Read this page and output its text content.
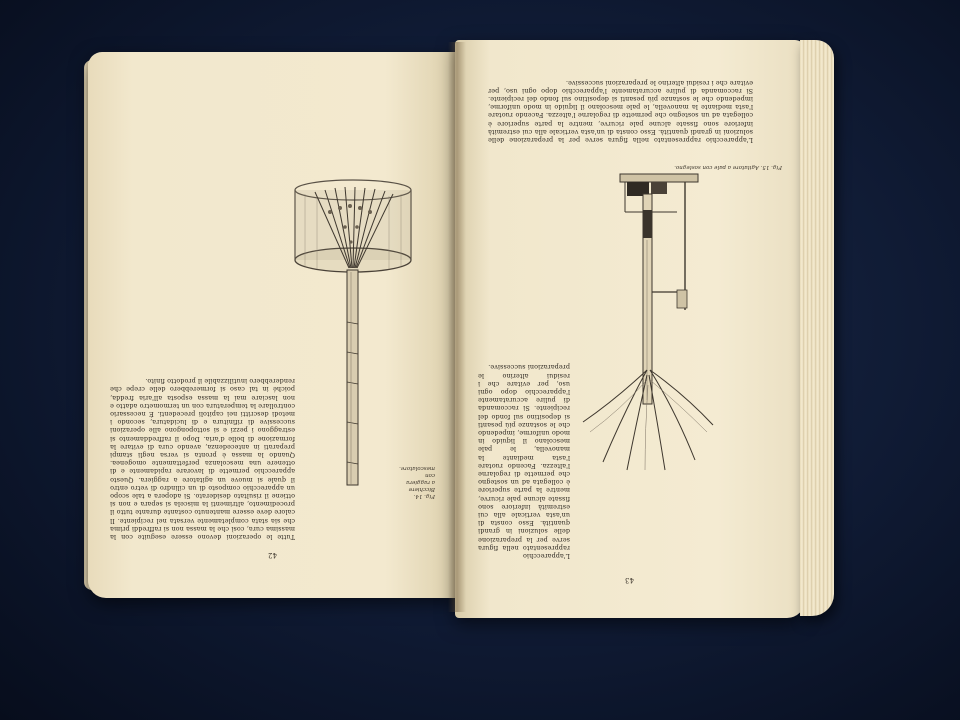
42
Tutte le operazioni devono essere eseguite con la massima cura, così che la massa non si raffreddi prima che sia stata completamente versata nel recipiente. Il calore deve essere mantenuto costante durante tutto il procedimento, altrimenti la miscela si separa e non si ottiene il risultato desiderato. Si adopera a tale scopo un apparecchio composto di un cilindro di vetro entro il quale si muove un agitatore a raggiera. Questo apparecchio permette di lavorare rapidamente e di ottenere una mescolanza perfettamente omogenea. Quando la massa è pronta si versa negli stampi preparati in antecedenza, avendo cura di evitare la formazione di bolle d'aria. Dopo il raffreddamento si estraggono i pezzi e si sottopongono alle operazioni successive di rifinitura e di lucidatura, secondo i metodi descritti nei capitoli precedenti. È necessario controllare la temperatura con un termometro adatto e non lasciare mai la massa esposta all'aria fredda, poiché in tal caso si formerebbero delle crepe che renderebbero inutilizzabile il prodotto finito.
Fig. 14. Bicchiere a raggiera con mescolatore.
43
L'apparecchio rappresentato nella figura serve per la preparazione delle soluzioni in grandi quantità. Esso consta di un'asta verticale alla cui estremità inferiore sono fissate alcune pale ricurve, mentre la parte superiore è collegata ad un sostegno che permette di regolarne l'altezza. Facendo ruotare l'asta mediante la manovella, le pale mescolano il liquido in modo uniforme, impedendo che le sostanze più pesanti si depositino sul fondo del recipiente. Si raccomanda di pulire accuratamente l'apparecchio dopo ogni uso, per evitare che i residui alterino le preparazioni successive.
Fig. 15. Agitatore a pale con sostegno.
L'apparecchio rappresentato nella figura serve per la preparazione delle soluzioni in grandi quantità. Esso consta di un'asta verticale alla cui estremità inferiore sono fissate alcune pale ricurve, mentre la parte superiore è collegata ad un sostegno che permette di regolarne l'altezza. Facendo ruotare l'asta mediante la manovella, le pale mescolano il liquido in modo uniforme, impedendo che le sostanze più pesanti si depositino sul fondo del recipiente. Si raccomanda di pulire accuratamente l'apparecchio dopo ogni uso, per evitare che i residui alterino le preparazioni successive.
